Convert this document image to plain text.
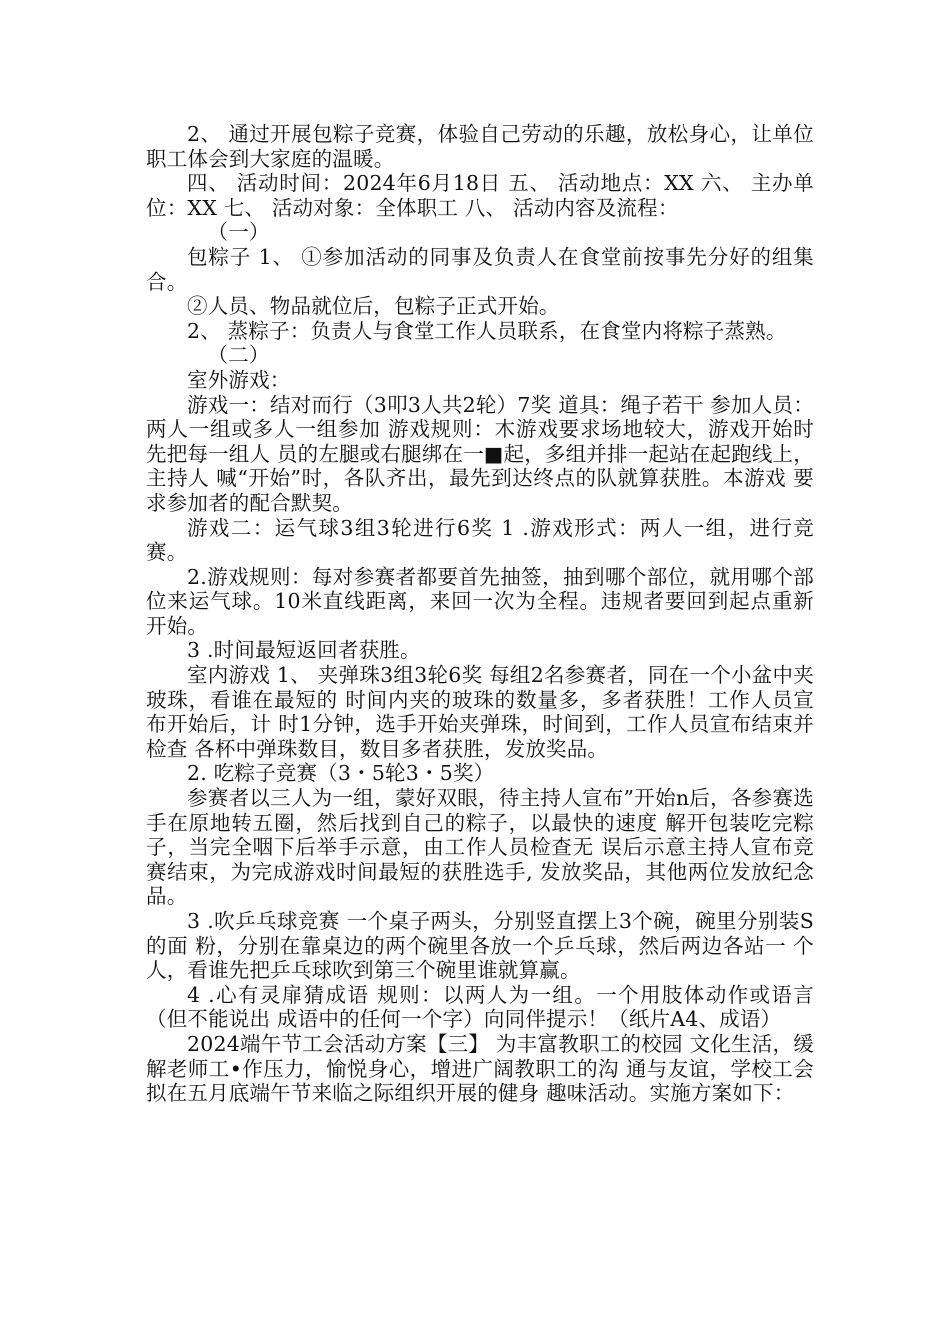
2、 通过开展包粽子竞赛，体验自己劳动的乐趣，放松身心，让单位职工体会到大家庭的温暖。

四、 活动时间：2024年6月18日 五、 活动地点：XX 六、 主办单位：XX 七、 活动对象：全体职工 八、 活动内容及流程：

（一）

包粽子 1、 ①参加活动的同事及负责人在食堂前按事先分好的组集 合。

②人员、物品就位后，包粽子正式开始。

2、 蒸粽子：负责人与食堂工作人员联系，在食堂内将粽子蒸熟。

（二）

室外游戏：

游戏一：结对而行（3叩3人共2轮）7奖 道具：绳子若干 参加人员：两人一组或多人一组参加 游戏规则：木游戏要求场地较大，游戏开始时先把每一组人 员的左腿或右腿绑在一■起，多组并排一起站在起跑线上，主持人 喊“开始”时，各队齐出，最先到达终点的队就算获胜。本游戏 要求参加者的配合默契。

游戏二：运气球3组3轮进行6奖 1 .游戏形式：两人一组，进行竞赛。

2.游戏规则：每对参赛者都要首先抽签，抽到哪个部位，就用哪个部位来运气球。10米直线距离，来回一次为全程。违规者要回到起点重新开始。

3 .时间最短返回者获胜。

室内游戏 1、 夹弹珠3组3轮6奖 每组2名参赛者，同在一个小盆中夹玻珠，看谁在最短的 时间内夹的玻珠的数量多，多者获胜！工作人员宣布开始后，计 时1分钟，选手开始夹弹珠，时间到，工作人员宣布结束并检查 各杯中弹珠数目，数目多者获胜，发放奖品。

2. 吃粽子竞赛（3・5轮3・5奖）

参赛者以三人为一组，蒙好双眼，待主持人宣布”开始n后，各参赛选手在原地转五圈，然后找到自己的粽子，以最快的速度 解开包装吃完粽子，当完全咽下后举手示意，由工作人员检查无 误后示意主持人宣布竞赛结束，为完成游戏时间最短的获胜选手, 发放奖品，其他两位发放纪念品。

3 .吹乒乓球竞赛 一个桌子两头，分别竖直摆上3个碗，碗里分别装S的面 粉，分别在靠桌边的两个碗里各放一个乒乓球，然后两边各站一 个人，看谁先把乒乓球吹到第三个碗里谁就算赢。

4 .心有灵扉猜成语 规则：以两人为一组。一个用肢体动作或语言（但不能说出 成语中的任何一个字）向同伴提示！（纸片A4、成语）

2024端午节工会活动方案【三】 为丰富教职工的校园 文化生活，缓解老师工•作压力，愉悦身心，增进广阔教职工的沟 通与友谊，学校工会拟在五月底端午节来临之际组织开展的健身 趣味活动。实施方案如下：
